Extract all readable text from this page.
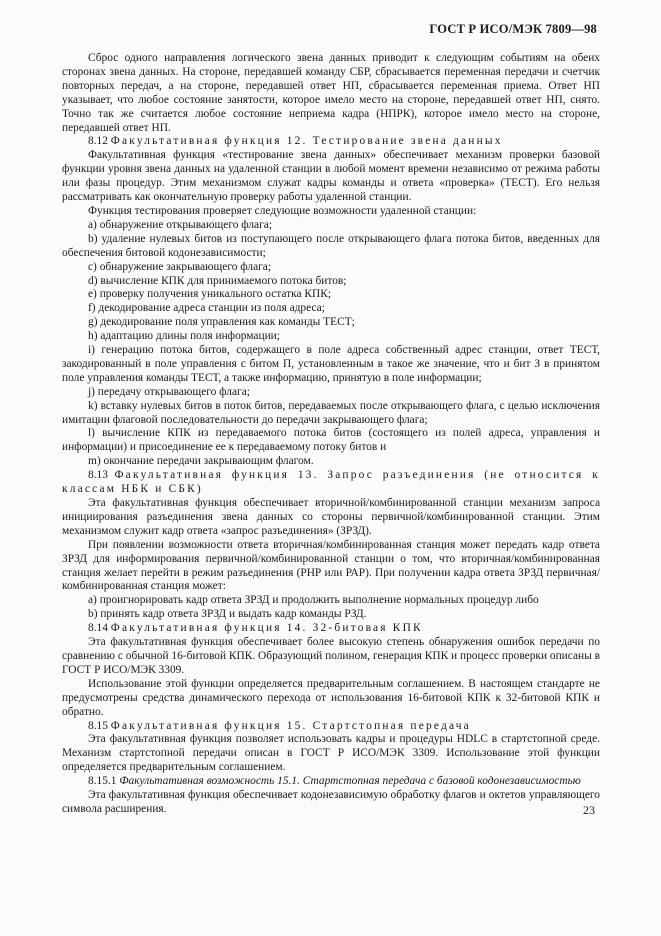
ГОСТ Р ИСО/МЭК 7809—98

Сброс одного направления логического звена данных приводит к следующим событиям на обеих сторонах звена данных. На стороне, передавшей команду СБР, сбрасывается переменная передачи и счетчик повторных передач, а на стороне, передавшей ответ НП, сбрасывается переменная приема. Ответ НП указывает, что любое состояние занятости, которое имело место на стороне, передавшей ответ НП, снято. Точно так же считается любое состояние неприема кадра (НПРК), которое имело место на стороне, передавшей ответ НП.

8.12 Факультативная функция 12. Тестирование звена данных

Факультативная функция «тестирование звена данных» обеспечивает механизм проверки базовой функции уровня звена данных на удаленной станции в любой момент времени независимо от режима работы или фазы процедур. Этим механизмом служат кадры команды и ответа «проверка» (ТЕСТ). Его нельзя рассматривать как окончательную проверку работы удаленной станции.

Функция тестирования проверяет следующие возможности удаленной станции:

a) обнаружение открывающего флага;

b) удаление нулевых битов из поступающего после открывающего флага потока битов, введенных для обеспечения битовой кодонезависимости;

c) обнаружение закрывающего флага;

d) вычисление КПК для принимаемого потока битов;

e) проверку получения уникального остатка КПК;

f) декодирование адреса станции из поля адреса;

g) декодирование поля управления как команды ТЕСТ;

h) адаптацию длины поля информации;

i) генерацию потока битов, содержащего в поле адреса собственный адрес станции, ответ ТЕСТ, закодированный в поле управления с битом П, установленным в такое же значение, что и бит З в принятом поле управления команды ТЕСТ, а также информацию, принятую в поле информации;

j) передачу открывающего флага;

k) вставку нулевых битов в поток битов, передаваемых после открывающего флага, с целью исключения имитации флаговой последовательности до передачи закрывающего флага;

l) вычисление КПК из передаваемого потока битов (состоящего из полей адреса, управления и информации) и присоединение ее к передаваемому потоку битов и

m) окончание передачи закрывающим флагом.

8.13 Факультативная функция 13. Запрос разъединения (не относится к классам НБК и СБК)

Эта факультативная функция обеспечивает вторичной/комбинированной станции механизм запроса инициирования разъединения звена данных со стороны первичной/комбинированной станции. Этим механизмом служит кадр ответа «запрос разъединения» (ЗРЗД).

При появлении возможности ответа вторичная/комбинированная станция может передать кадр ответа ЗРЗД для информирования первичной/комбинированной станции о том, что вторичная/комбинированная станция желает перейти в режим разъединения (РНР или РАР). При получении кадра ответа ЗРЗД первичная/комбинированная станция может:

a) проигнорировать кадр ответа ЗРЗД и продолжить выполнение нормальных процедур либо

b) принять кадр ответа ЗРЗД и выдать кадр команды РЗД.

8.14 Факультативная функция 14. 32-битовая КПК

Эта факультативная функция обеспечивает более высокую степень обнаружения ошибок передачи по сравнению с обычной 16-битовой КПК. Образующий полином, генерация КПК и процесс проверки описаны в ГОСТ Р ИСО/МЭК 3309.

Использование этой функции определяется предварительным соглашением. В настоящем стандарте не предусмотрены средства динамического перехода от использования 16-битовой КПК к 32-битовой КПК и обратно.

8.15 Факультативная функция 15. Стартстопная передача

Эта факультативная функция позволяет использовать кадры и процедуры HDLC в стартстопной среде. Механизм стартстопной передачи описан в ГОСТ Р ИСО/МЭК 3309. Использование этой функции определяется предварительным соглашением.

8.15.1 Факультативная возможность 15.1. Стартстопная передача с базовой кодонезависимостью

Эта факультативная функция обеспечивает кодонезависимую обработку флагов и октетов управляющего символа расширения.	23
